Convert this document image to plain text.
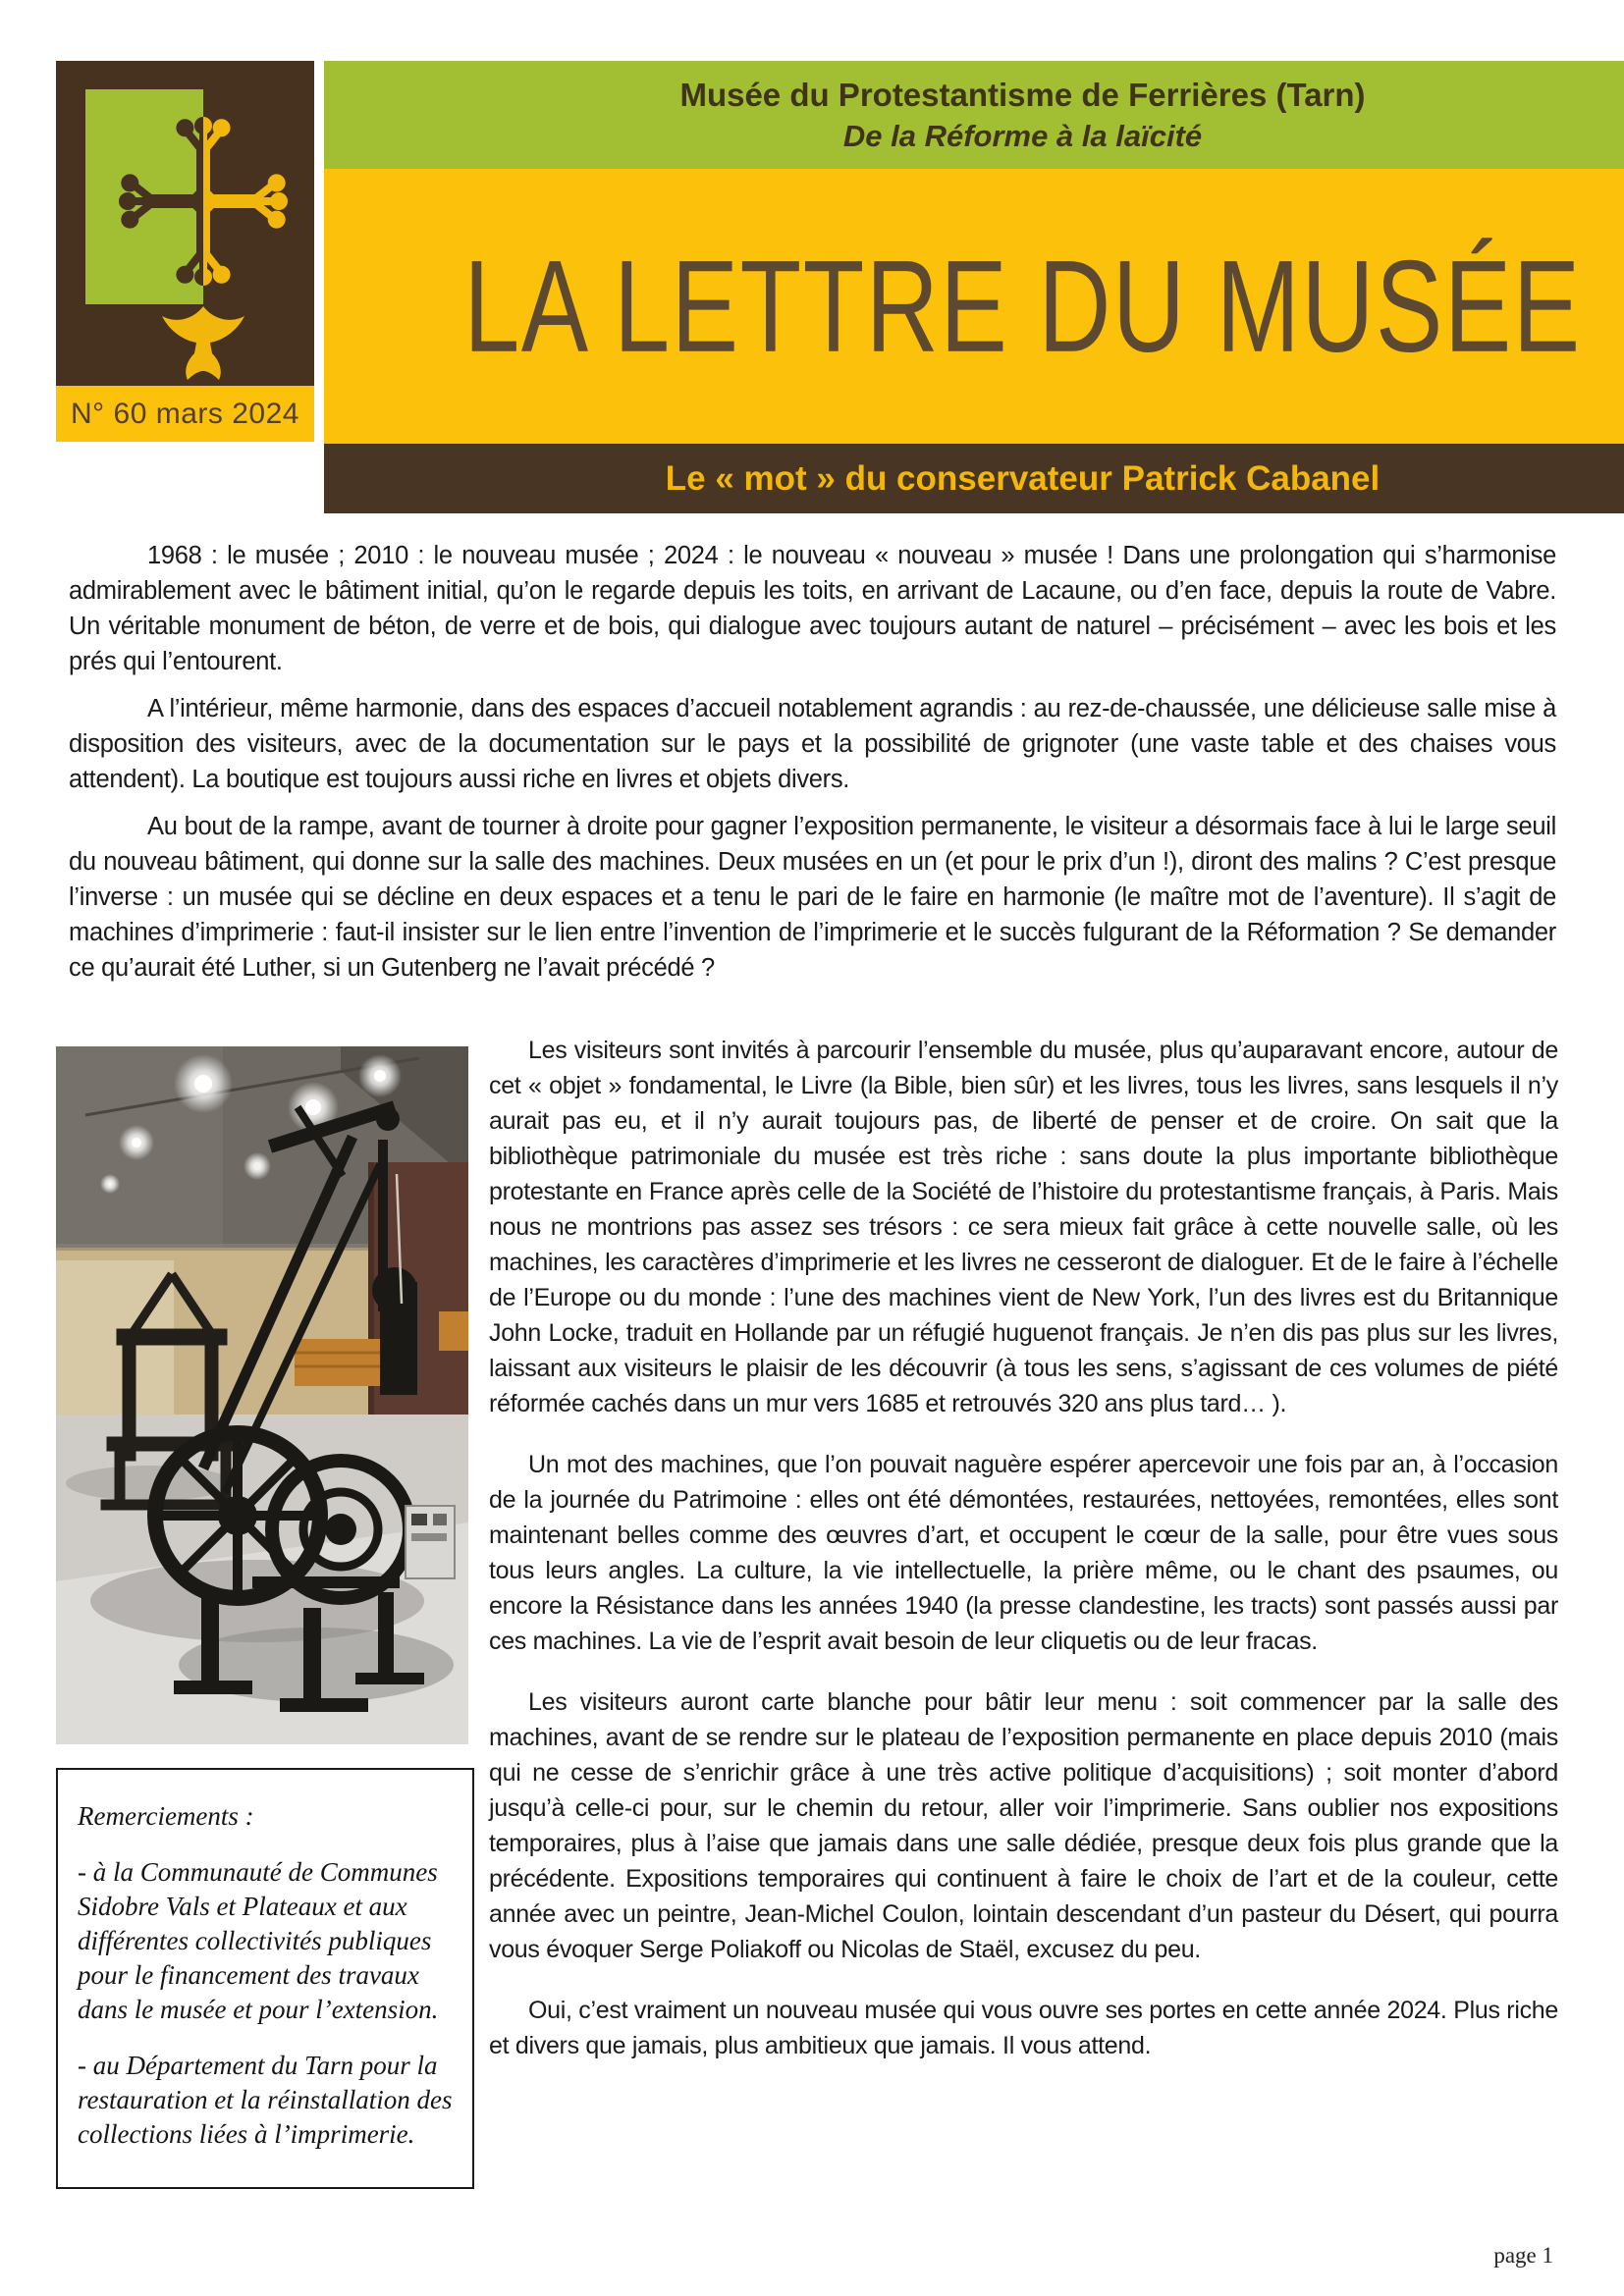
N° 60 mars 2024
Musée du Protestantisme de Ferrières (Tarn)
De la Réforme à la laïcité
LA LETTRE DU MUSÉE
Le « mot » du conservateur Patrick Cabanel

1968 : le musée ; 2010 : le nouveau musée ; 2024 : le nouveau « nouveau » musée ! Dans une prolongation qui s’harmonise admirablement avec le bâtiment initial, qu’on le regarde depuis les toits, en arrivant de Lacaune, ou d’en face, depuis la route de Vabre. Un véritable monument de béton, de verre et de bois, qui dialogue avec toujours autant de naturel – précisément – avec les bois et les prés qui l’entourent.

A l’intérieur, même harmonie, dans des espaces d’accueil notablement agrandis : au rez-de-chaussée, une délicieuse salle mise à disposition des visiteurs, avec de la documentation sur le pays et la possibilité de grignoter (une vaste table et des chaises vous attendent). La boutique est toujours aussi riche en livres et objets divers.

Au bout de la rampe, avant de tourner à droite pour gagner l’exposition permanente, le visiteur a désormais face à lui le large seuil du nouveau bâtiment, qui donne sur la salle des machines. Deux musées en un (et pour le prix d’un !), diront des malins ? C’est presque l’inverse : un musée qui se décline en deux espaces et a tenu le pari de le faire en harmonie (le maître mot de l’aventure). Il s’agit de machines d’imprimerie : faut-il insister sur le lien entre l’invention de l’imprimerie et le succès fulgurant de la Réformation ? Se demander ce qu’aurait été Luther, si un Gutenberg ne l’avait précédé ?

Remerciements :

- à la Communauté de Communes Sidobre Vals et Plateaux et aux différentes collectivités publiques pour le financement des travaux dans le musée et pour l’extension.

- au Département du Tarn pour la restauration et la réinstallation des collections liées à l’imprimerie.

Les visiteurs sont invités à parcourir l’ensemble du musée, plus qu’auparavant encore, autour de cet « objet » fondamental, le Livre (la Bible, bien sûr) et les livres, tous les livres, sans lesquels il n’y aurait pas eu, et il n’y aurait toujours pas, de liberté de penser et de croire. On sait que la bibliothèque patrimoniale du musée est très riche : sans doute la plus importante bibliothèque protestante en France après celle de la Société de l’histoire du protestantisme français, à Paris. Mais nous ne montrions pas assez ses trésors : ce sera mieux fait grâce à cette nouvelle salle, où les machines, les caractères d’imprimerie et les livres ne cesseront de dialoguer. Et de le faire à l’échelle de l’Europe ou du monde : l’une des machines vient de New York, l’un des livres est du Britannique John Locke, traduit en Hollande par un réfugié huguenot français. Je n’en dis pas plus sur les livres, laissant aux visiteurs le plaisir de les découvrir (à tous les sens, s’agissant de ces volumes de piété réformée cachés dans un mur vers 1685 et retrouvés 320 ans plus tard… ).

Un mot des machines, que l’on pouvait naguère espérer apercevoir une fois par an, à l’occasion de la journée du Patrimoine : elles ont été démontées, restaurées, nettoyées, remontées, elles sont maintenant belles comme des œuvres d’art, et occupent le cœur de la salle, pour être vues sous tous leurs angles. La culture, la vie intellectuelle, la prière même, ou le chant des psaumes, ou encore la Résistance dans les années 1940 (la presse clandestine, les tracts) sont passés aussi par ces machines. La vie de l’esprit avait besoin de leur cliquetis ou de leur fracas.

Les visiteurs auront carte blanche pour bâtir leur menu : soit commencer par la salle des machines, avant de se rendre sur le plateau de l’exposition permanente en place depuis 2010 (mais qui ne cesse de s’enrichir grâce à une très active politique d’acquisitions) ; soit monter d’abord jusqu’à celle-ci pour, sur le chemin du retour, aller voir l’imprimerie. Sans oublier nos expositions temporaires, plus à l’aise que jamais dans une salle dédiée, presque deux fois plus grande que la précédente. Expositions temporaires qui continuent à faire le choix de l’art et de la couleur, cette année avec un peintre, Jean-Michel Coulon, lointain descendant d’un pasteur du Désert, qui pourra vous évoquer Serge Poliakoff ou Nicolas de Staël, excusez du peu.

Oui, c’est vraiment un nouveau musée qui vous ouvre ses portes en cette année 2024. Plus riche et divers que jamais, plus ambitieux que jamais. Il vous attend.

page 1
